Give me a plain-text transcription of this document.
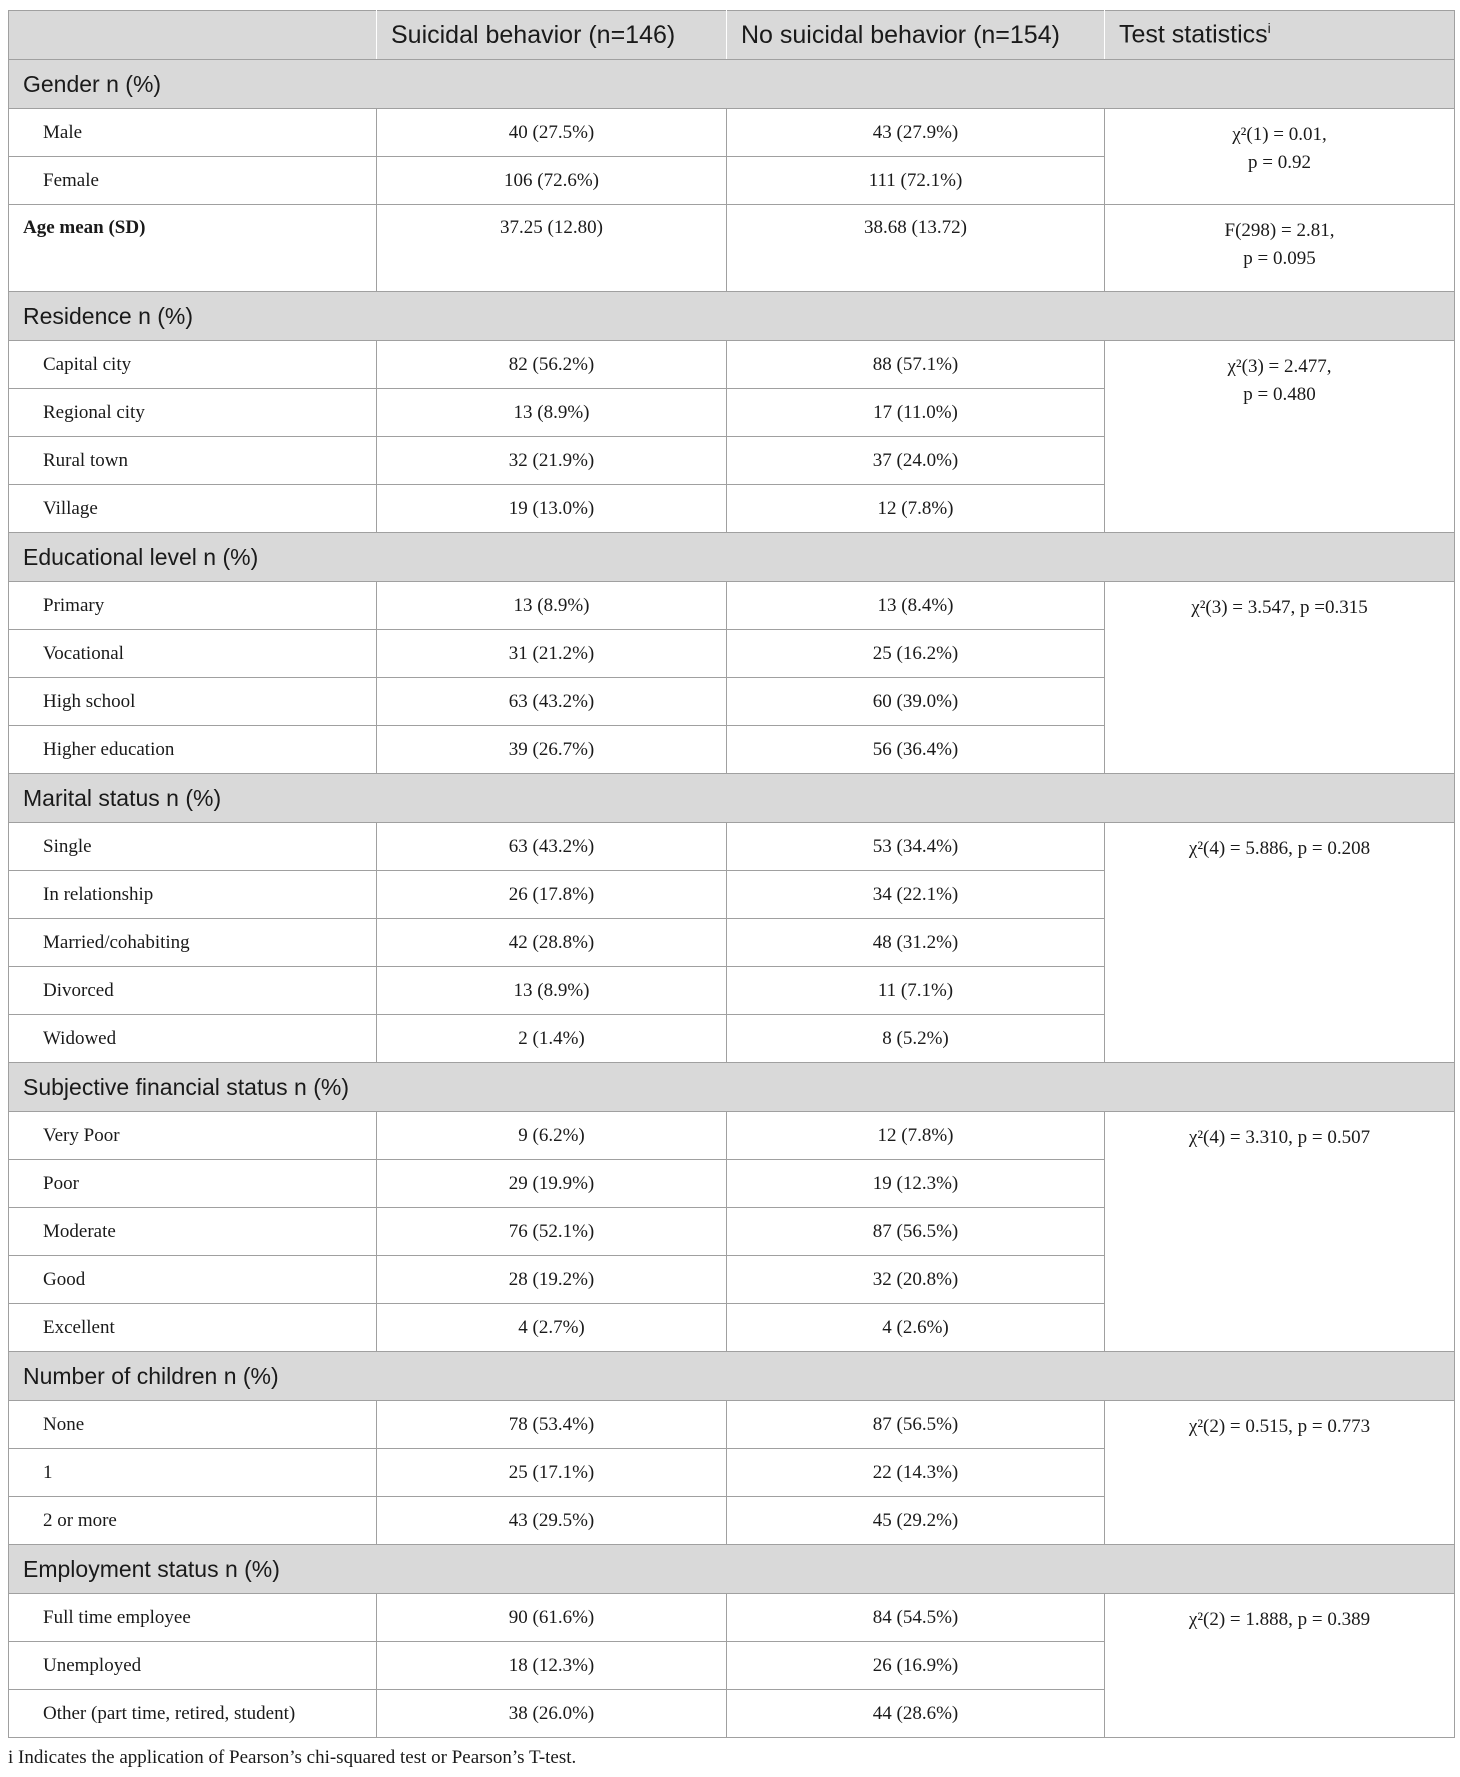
	Suicidal behavior (n=146)	No suicidal behavior (n=154)	Test statistics$^i$
Gender n (%)			
Male	40 (27.5%)	43 (27.9%)	χ²(1) = 0.01,
p = 0.92
Female	106 (72.6%)	111 (72.1%)	
Age mean (SD)	37.25 (12.80)	38.68 (13.72)	F(298) = 2.81,
p = 0.095
Residence n (%)			
Capital city	82 (56.2%)	88 (57.1%)	χ²(3) = 2.477,
p = 0.480
Regional city	13 (8.9%)	17 (11.0%)	
Rural town	32 (21.9%)	37 (24.0%)	
Village	19 (13.0%)	12 (7.8%)	
Educational level n (%)			
Primary	13 (8.9%)	13 (8.4%)	χ²(3) = 3.547, p =0.315
Vocational	31 (21.2%)	25 (16.2%)	
High school	63 (43.2%)	60 (39.0%)	
Higher education	39 (26.7%)	56 (36.4%)	
Marital status n (%)			
Single	63 (43.2%)	53 (34.4%)	χ²(4) = 5.886, p = 0.208
In relationship	26 (17.8%)	34 (22.1%)	
Married/cohabiting	42 (28.8%)	48 (31.2%)	
Divorced	13 (8.9%)	11 (7.1%)	
Widowed	2 (1.4%)	8 (5.2%)	
Subjective financial status n (%)			
Very Poor	9 (6.2%)	12 (7.8%)	χ²(4) = 3.310, p = 0.507
Poor	29 (19.9%)	19 (12.3%)	
Moderate	76 (52.1%)	87 (56.5%)	
Good	28 (19.2%)	32 (20.8%)	
Excellent	4 (2.7%)	4 (2.6%)	
Number of children n (%)			
None	78 (53.4%)	87 (56.5%)	χ²(2) = 0.515, p = 0.773
1	25 (17.1%)	22 (14.3%)	
2 or more	43 (29.5%)	45 (29.2%)	
Employment status n (%)			
Full time employee	90 (61.6%)	84 (54.5%)	χ²(2) = 1.888, p = 0.389
Unemployed	18 (12.3%)	26 (16.9%)	
Other (part time, retired, student)	38 (26.0%)	44 (28.6%)	
i Indicates the application of Pearson’s chi-squared test or Pearson’s T-test.
